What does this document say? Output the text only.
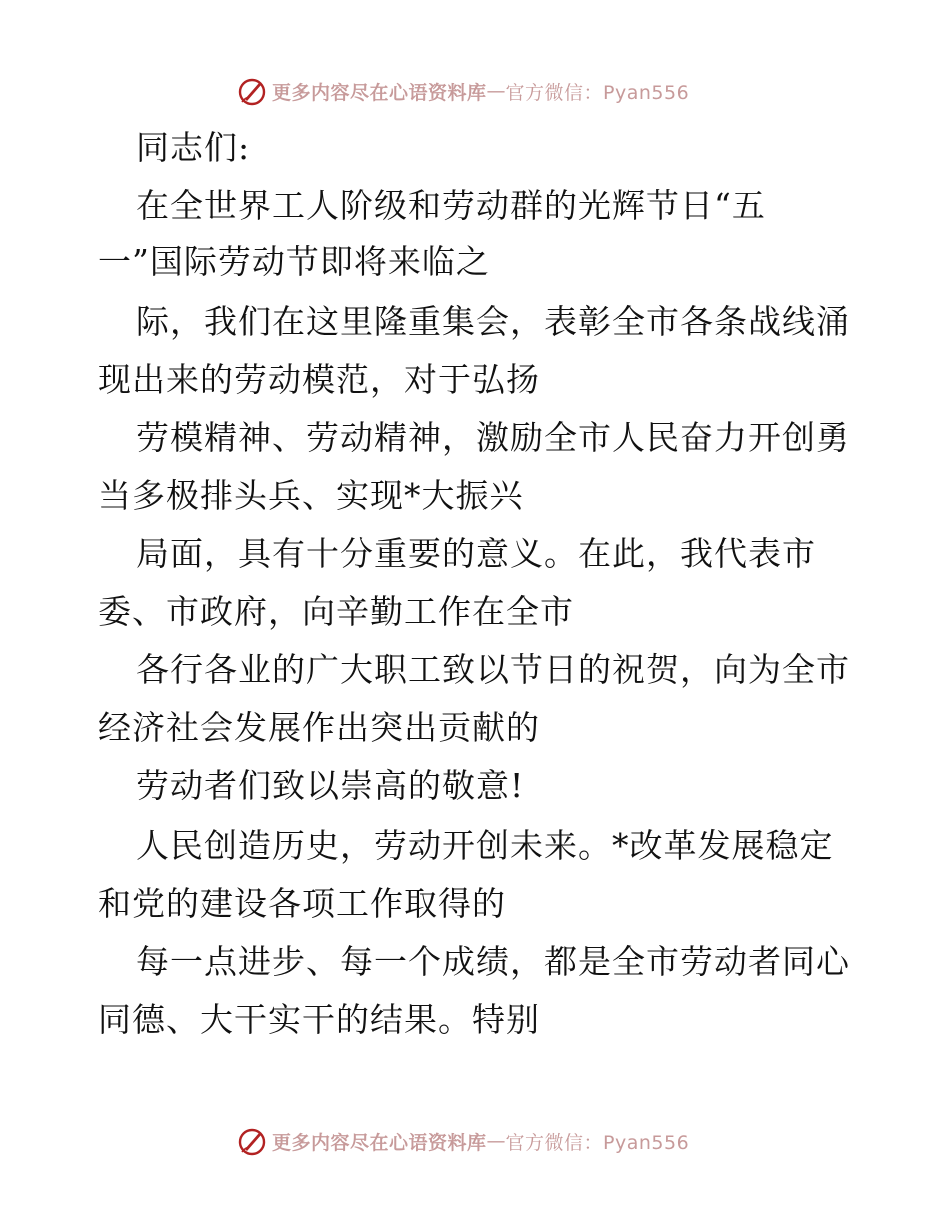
更多内容尽在心语资料库 — 官方微信：Pyan556
同志们:
在全世界工人阶级和劳动群的光辉节日“五
一”国际劳动节即将来临之
际，我们在这里隆重集会，表彰全市各条战线涌
现出来的劳动模范，对于弘扬
劳模精神、劳动精神，激励全市人民奋力开创勇
当多极排头兵、实现*大振兴
局面，具有十分重要的意义。在此，我代表市
委、市政府，向辛勤工作在全市
各行各业的广大职工致以节日的祝贺，向为全市
经济社会发展作出突出贡献的
劳动者们致以崇高的敬意!
人民创造历史，劳动开创未来。*改革发展稳定
和党的建设各项工作取得的
每一点进步、每一个成绩，都是全市劳动者同心
同德、大干实干的结果。特别
更多内容尽在心语资料库 — 官方微信：Pyan556
